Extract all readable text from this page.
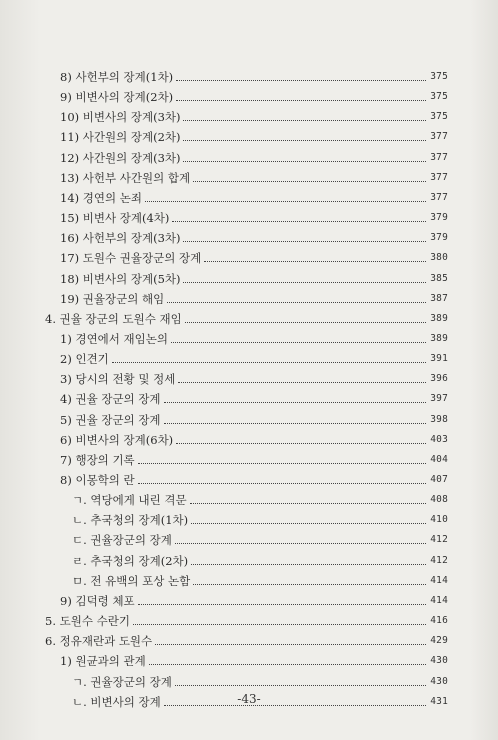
8) 사헌부의 장계(1차)	375
9) 비변사의 장계(2차)	375
10) 비변사의 장계(3차)	375
11) 사간원의 장계(2차)	377
12) 사간원의 장계(3차)	377
13) 사헌부 사간원의 합계	377
14) 경연의 논죄	377
15) 비변사 장계(4차)	379
16) 사헌부의 장계(3차)	379
17) 도원수 권율장군의 장계	380
18) 비변사의 장계(5차)	385
19) 권율장군의 해임	387
4. 권율 장군의 도원수 재임	389
1) 경연에서 재임논의	389
2) 인견기	391
3) 당시의 전황 및 정세	396
4) 권율 장군의 장계	397
5) 권율 장군의 장계	398
6) 비변사의 장계(6차)	403
7) 행장의 기록	404
8) 이몽학의 란	407
ㄱ. 역당에게 내린 격문	408
ㄴ. 추국청의 장계(1차)	410
ㄷ. 권율장군의 장계	412
ㄹ. 추국청의 장계(2차)	412
ㅁ. 전 유백의 포상 논함	414
9) 김덕령 체포	414
5. 도원수 수란기	416
6. 정유재란과 도원수	429
1) 원균과의 관계	430
ㄱ. 권율장군의 장계	430
ㄴ. 비변사의 장계	431
-43-
